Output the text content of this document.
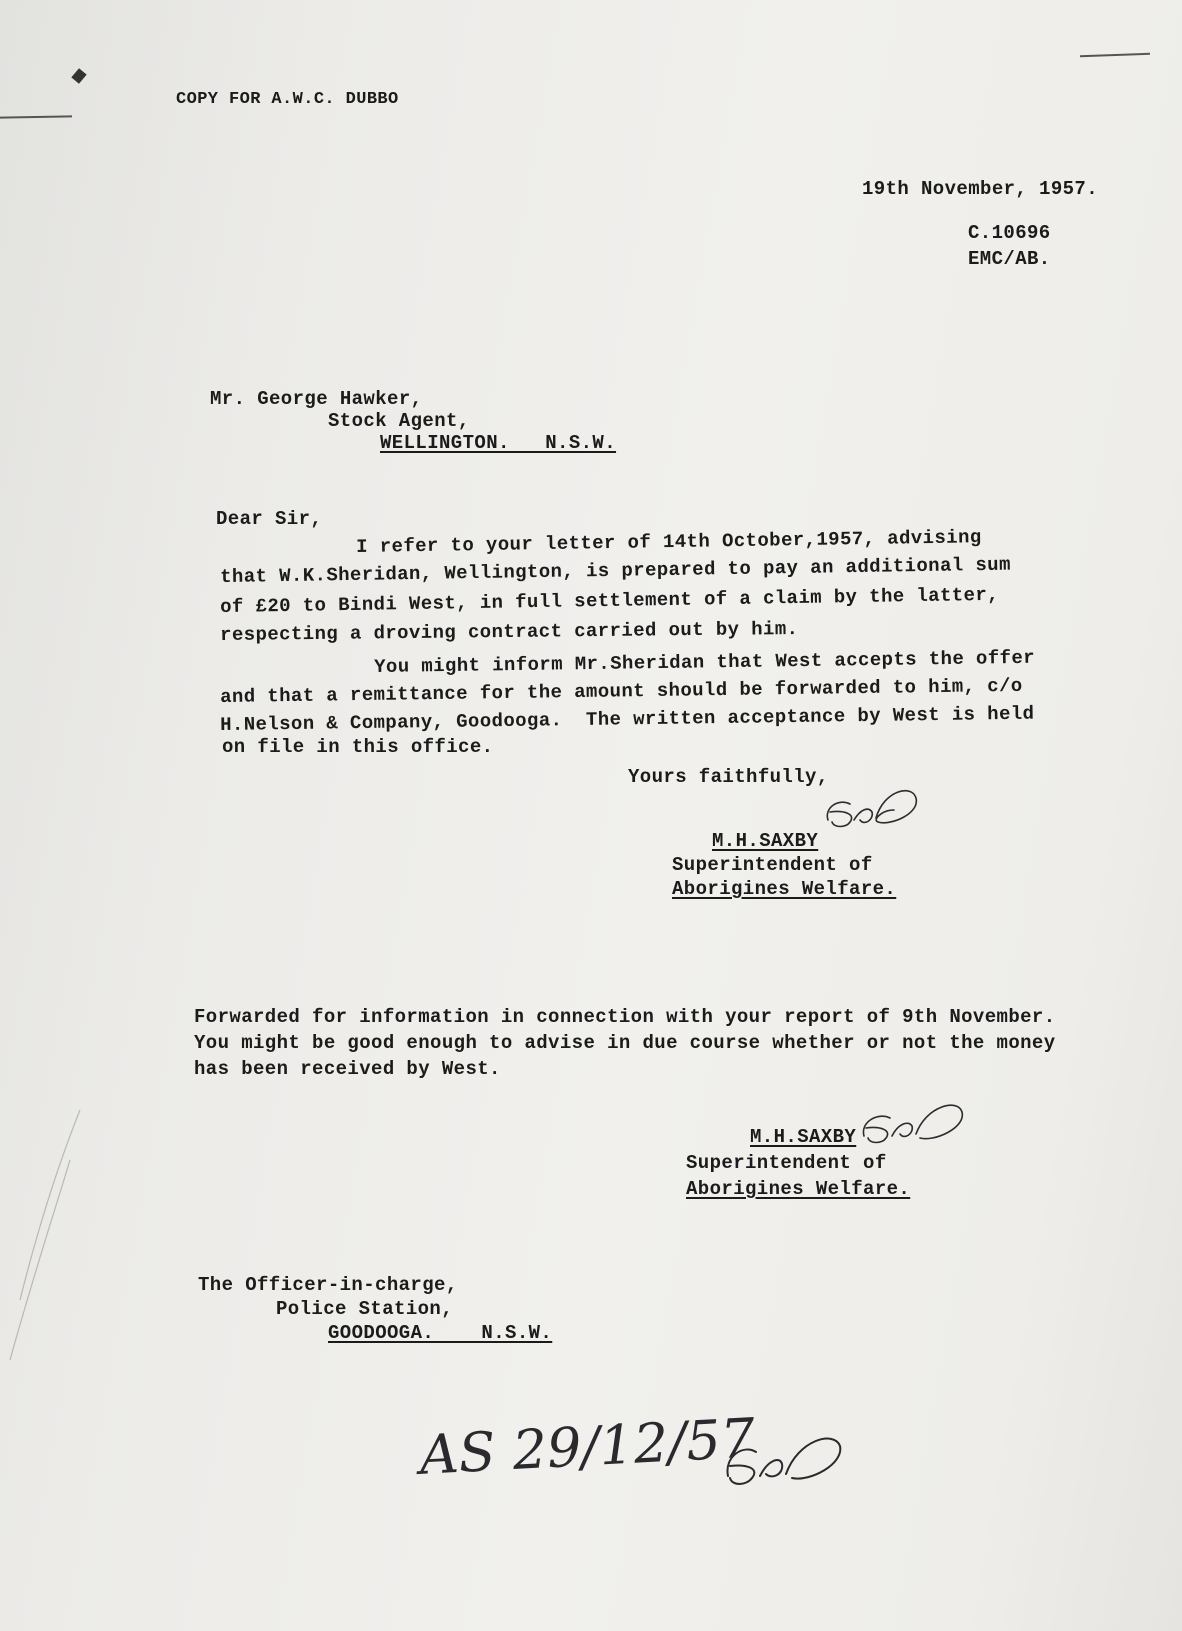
COPY FOR A.W.C. DUBBO
19th November, 1957.
C.10696
EMC/AB.
Mr. George Hawker,
Stock Agent,
WELLINGTON.   N.S.W.
Dear Sir,
I refer to your letter of 14th October,1957, advising
that W.K.Sheridan, Wellington, is prepared to pay an additional sum
of £20 to Bindi West, in full settlement of a claim by the latter,
respecting a droving contract carried out by him.
You might inform Mr.Sheridan that West accepts the offer
and that a remittance for the amount should be forwarded to him, c/o
H.Nelson & Company, Goodooga.  The written acceptance by West is held
on file in this office.
Yours faithfully,
M.H.SAXBY
Superintendent of
Aborigines Welfare.
Forwarded for information in connection with your report of 9th November.
You might be good enough to advise in due course whether or not the money
has been received by West.
M.H.SAXBY
Superintendent of
Aborigines Welfare.
The Officer-in-charge,
Police Station,
GOODOOGA.    N.S.W.
AS 29/12/57
